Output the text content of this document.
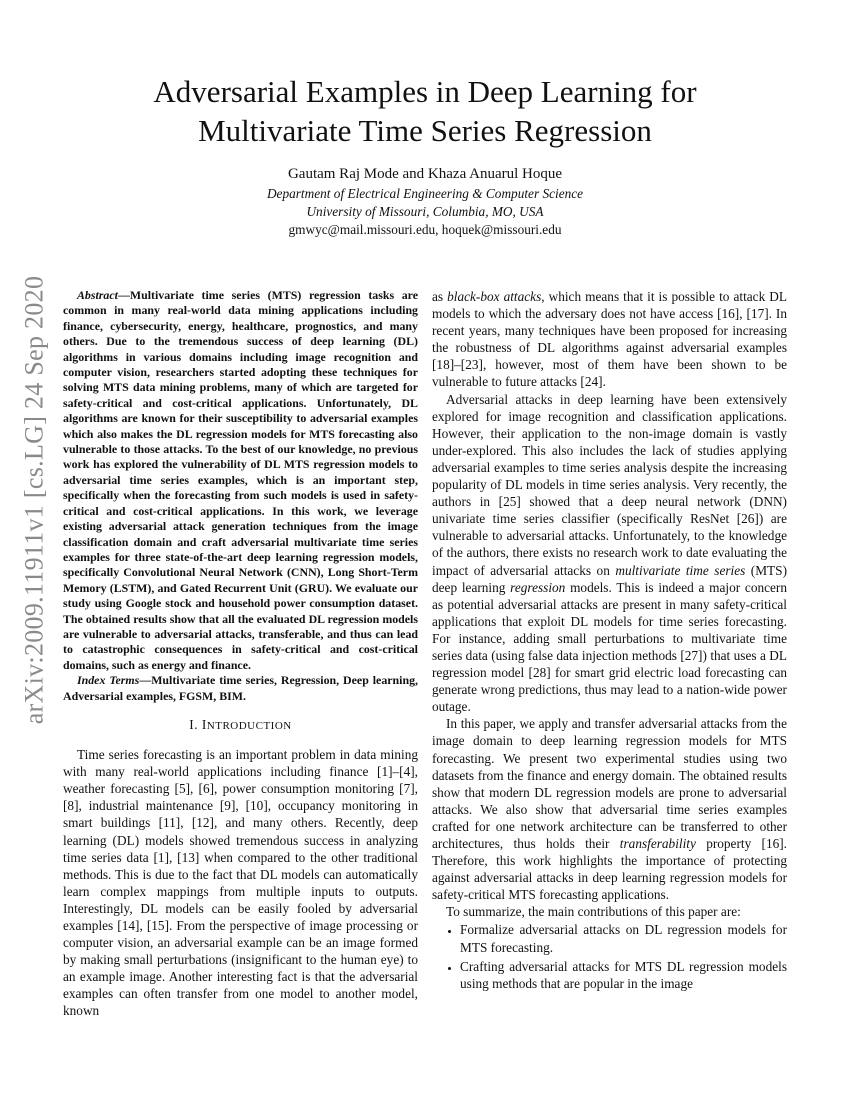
arXiv:2009.11911v1 [cs.LG] 24 Sep 2020
Adversarial Examples in Deep Learning for
Multivariate Time Series Regression
Gautam Raj Mode and Khaza Anuarul Hoque
Department of Electrical Engineering & Computer Science
University of Missouri, Columbia, MO, USA
gmwyc@mail.missouri.edu, hoquek@missouri.edu

Abstract—Multivariate time series (MTS) regression tasks are common in many real-world data mining applications including finance, cybersecurity, energy, healthcare, prognostics, and many others. Due to the tremendous success of deep learning (DL) algorithms in various domains including image recognition and computer vision, researchers started adopting these techniques for solving MTS data mining problems, many of which are targeted for safety-critical and cost-critical applications. Unfortunately, DL algorithms are known for their susceptibility to adversarial examples which also makes the DL regression models for MTS forecasting also vulnerable to those attacks. To the best of our knowledge, no previous work has explored the vulnerability of DL MTS regression models to adversarial time series examples, which is an important step, specifically when the forecasting from such models is used in safety-critical and cost-critical applications. In this work, we leverage existing adversarial attack generation techniques from the image classification domain and craft adversarial multivariate time series examples for three state-of-the-art deep learning regression models, specifically Convolutional Neural Network (CNN), Long Short-Term Memory (LSTM), and Gated Recurrent Unit (GRU). We evaluate our study using Google stock and household power consumption dataset. The obtained results show that all the evaluated DL regression models are vulnerable to adversarial attacks, transferable, and thus can lead to catastrophic consequences in safety-critical and cost-critical domains, such as energy and finance.

Index Terms—Multivariate time series, Regression, Deep learning, Adversarial examples, FGSM, BIM.

I. INTRODUCTION

Time series forecasting is an important problem in data mining with many real-world applications including finance [1]–[4], weather forecasting [5], [6], power consumption monitoring [7], [8], industrial maintenance [9], [10], occupancy monitoring in smart buildings [11], [12], and many others. Recently, deep learning (DL) models showed tremendous success in analyzing time series data [1], [13] when compared to the other traditional methods. This is due to the fact that DL models can automatically learn complex mappings from multiple inputs to outputs. Interestingly, DL models can be easily fooled by adversarial examples [14], [15]. From the perspective of image processing or computer vision, an adversarial example can be an image formed by making small perturbations (insignificant to the human eye) to an example image. Another interesting fact is that the adversarial examples can often transfer from one model to another model, known

as black-box attacks, which means that it is possible to attack DL models to which the adversary does not have access [16], [17]. In recent years, many techniques have been proposed for increasing the robustness of DL algorithms against adversarial examples [18]–[23], however, most of them have been shown to be vulnerable to future attacks [24].

Adversarial attacks in deep learning have been extensively explored for image recognition and classification applications. However, their application to the non-image domain is vastly under-explored. This also includes the lack of studies applying adversarial examples to time series analysis despite the increasing popularity of DL models in time series analysis. Very recently, the authors in [25] showed that a deep neural network (DNN) univariate time series classifier (specifically ResNet [26]) are vulnerable to adversarial attacks. Unfortunately, to the knowledge of the authors, there exists no research work to date evaluating the impact of adversarial attacks on multivariate time series (MTS) deep learning regression models. This is indeed a major concern as potential adversarial attacks are present in many safety-critical applications that exploit DL models for time series forecasting. For instance, adding small perturbations to multivariate time series data (using false data injection methods [27]) that uses a DL regression model [28] for smart grid electric load forecasting can generate wrong predictions, thus may lead to a nation-wide power outage.

In this paper, we apply and transfer adversarial attacks from the image domain to deep learning regression models for MTS forecasting. We present two experimental studies using two datasets from the finance and energy domain. The obtained results show that modern DL regression models are prone to adversarial attacks. We also show that adversarial time series examples crafted for one network architecture can be transferred to other architectures, thus holds their transferability property [16]. Therefore, this work highlights the importance of protecting against adversarial attacks in deep learning regression models for safety-critical MTS forecasting applications.

To summarize, the main contributions of this paper are:

• Formalize adversarial attacks on DL regression models for MTS forecasting.
• Crafting adversarial attacks for MTS DL regression models using methods that are popular in the image
